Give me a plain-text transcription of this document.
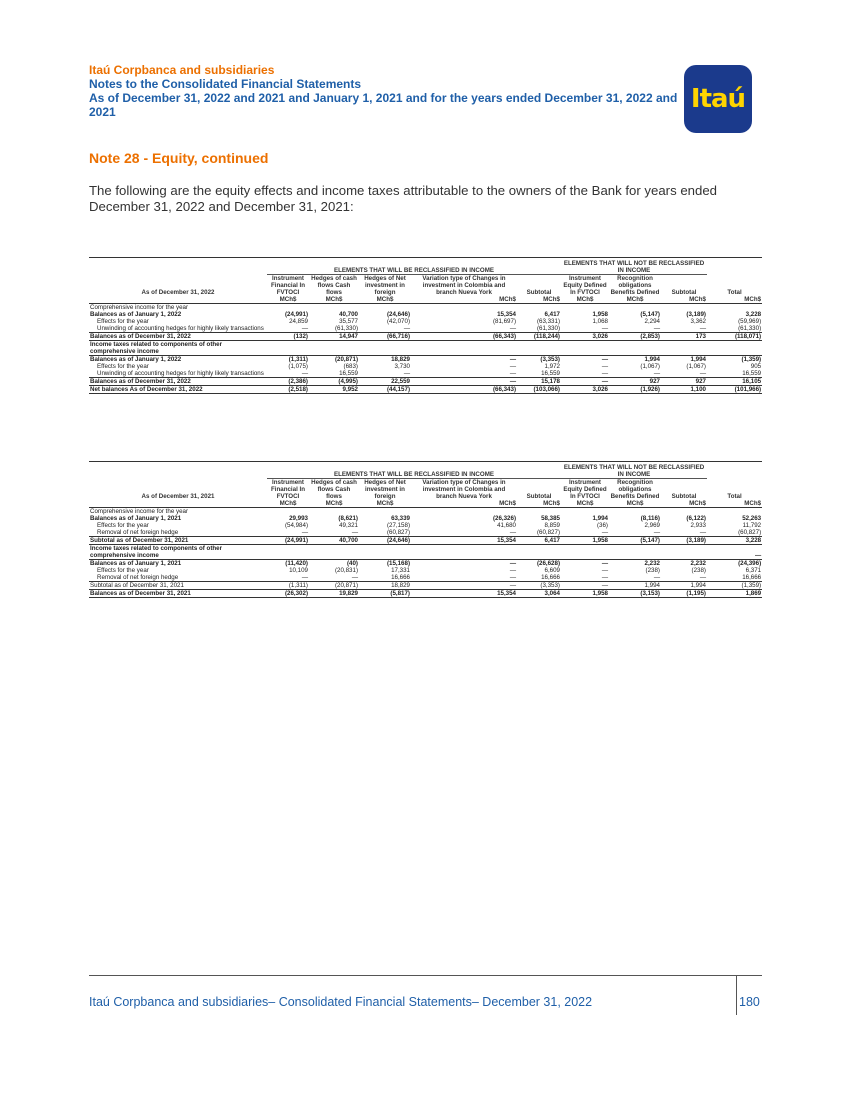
Itaú Corpbanca and subsidiaries
Notes to the Consolidated Financial Statements
As of December 31, 2022 and 2021 and January 1, 2021 and for the years ended December 31, 2022 and 2021	Itaú
Note 28 - Equity, continued
The following are the equity effects and income taxes attributable to the owners of the Bank for years ended December 31, 2022 and December 31, 2021:

	ELEMENTS THAT WILL BE RECLASSIFIED IN INCOME					ELEMENTS THAT WILL NOT BE RECLASSIFIED IN INCOME			
As of December 31, 2022	Instrument Financial In FVTOCI	Hedges of cash flows Cash flows	Hedges of Net investment in foreign	Variation type of Changes in investment in Colombia and branch Nueva York	Subtotal	Instrument Equity Defined In FVTOCI	Recognition obligations Benefits Defined	Subtotal	Total
	MCh$	MCh$	MCh$	MCh$	MCh$	MCh$	MCh$	MCh$	MCh$
Comprehensive income for the year									
Balances as of January 1, 2022	(24,991)	40,700	(24,646)	15,354	6,417	1,958	(5,147)	(3,189)	3,228
Effects for the year	24,859	35,577	(42,070)	(81,697)	(63,331)	1,068	2,294	3,362	(59,969)
Unwinding of accounting hedges for highly likely transactions	—	(61,330)	—	—	(61,330)	—	—	—	(61,330)
Balances as of December 31, 2022	(132)	14,947	(66,716)	(66,343)	(118,244)	3,026	(2,853)	173	(118,071)
Income taxes related to components of other comprehensive income									
Balances as of January 1, 2022	(1,311)	(20,871)	18,829	—	(3,353)	—	1,994	1,994	(1,359)
Effects for the year	(1,075)	(683)	3,730	—	1,972	—	(1,067)	(1,067)	905
Unwinding of accounting hedges for highly likely transactions	—	16,559	—	—	16,559	—	—	—	16,559
Balances as of December 31, 2022	(2,386)	(4,995)	22,559	—	15,178	—	927	927	16,105
Net balances As of December 31, 2022	(2,518)	9,952	(44,157)	(66,343)	(103,066)	3,026	(1,926)	1,100	(101,966)

	ELEMENTS THAT WILL BE RECLASSIFIED IN INCOME					ELEMENTS THAT WILL NOT BE RECLASSIFIED IN INCOME			
As of December 31, 2021	Instrument Financial In FVTOCI	Hedges of cash flows Cash flows	Hedges of Net investment in foreign	Variation type of Changes in investment in Colombia and branch Nueva York	Subtotal	Instrument Equity Defined In FVTOCI	Recognition obligations Benefits Defined	Subtotal	Total
	MCh$	MCh$	MCh$	MCh$	MCh$	MCh$	MCh$	MCh$	MCh$
Comprehensive income for the year									
Balances as of January 1, 2021	29,993	(8,621)	63,339	(26,326)	58,385	1,994	(8,116)	(6,122)	52,263
Effects for the year	(54,984)	49,321	(27,158)	41,680	8,859	(36)	2,969	2,933	11,792
Removal of net foreign hedge	—	—	(60,827)	—	(60,827)	—	—	—	(60,827)
Subtotal as of December 31, 2021	(24,991)	40,700	(24,646)	15,354	6,417	1,958	(5,147)	(3,189)	3,228
Income taxes related to components of other comprehensive income									—
Balances as of January 1, 2021	(11,420)	(40)	(15,168)	—	(26,628)	—	2,232	2,232	(24,396)
Effects for the year	10,109	(20,831)	17,331	—	6,609	—	(238)	(238)	6,371
Removal of net foreign hedge	—	—	16,666	—	16,666	—	—	—	16,666
Subtotal as of December 31, 2021	(1,311)	(20,871)	18,829	—	(3,353)	—	1,994	1,994	(1,359)
Balances as of December 31, 2021	(26,302)	19,829	(5,817)	15,354	3,064	1,958	(3,153)	(1,195)	1,869
Itaú Corpbanca and subsidiaries– Consolidated Financial Statements– December 31, 2022	180
